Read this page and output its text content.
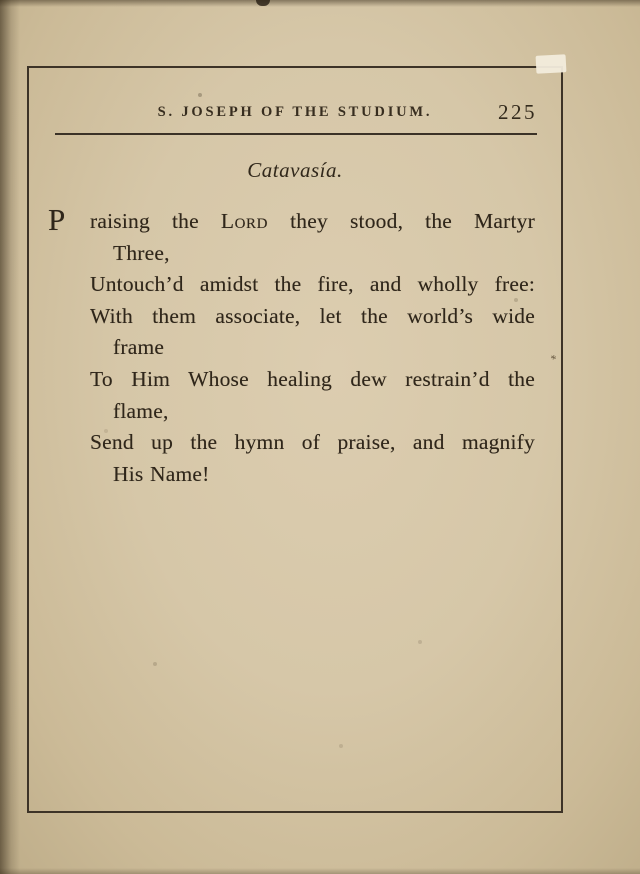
S. JOSEPH OF THE STUDIUM.	225
Catavasía.
P raising the Lord they stood, the Martyr
Three,
Untouch’d amidst the fire, and wholly free:
With them associate, let the world’s wide
frame
To Him Whose healing dew restrain’d the
flame,
Send up the hymn of praise, and magnify
His Name!
*
